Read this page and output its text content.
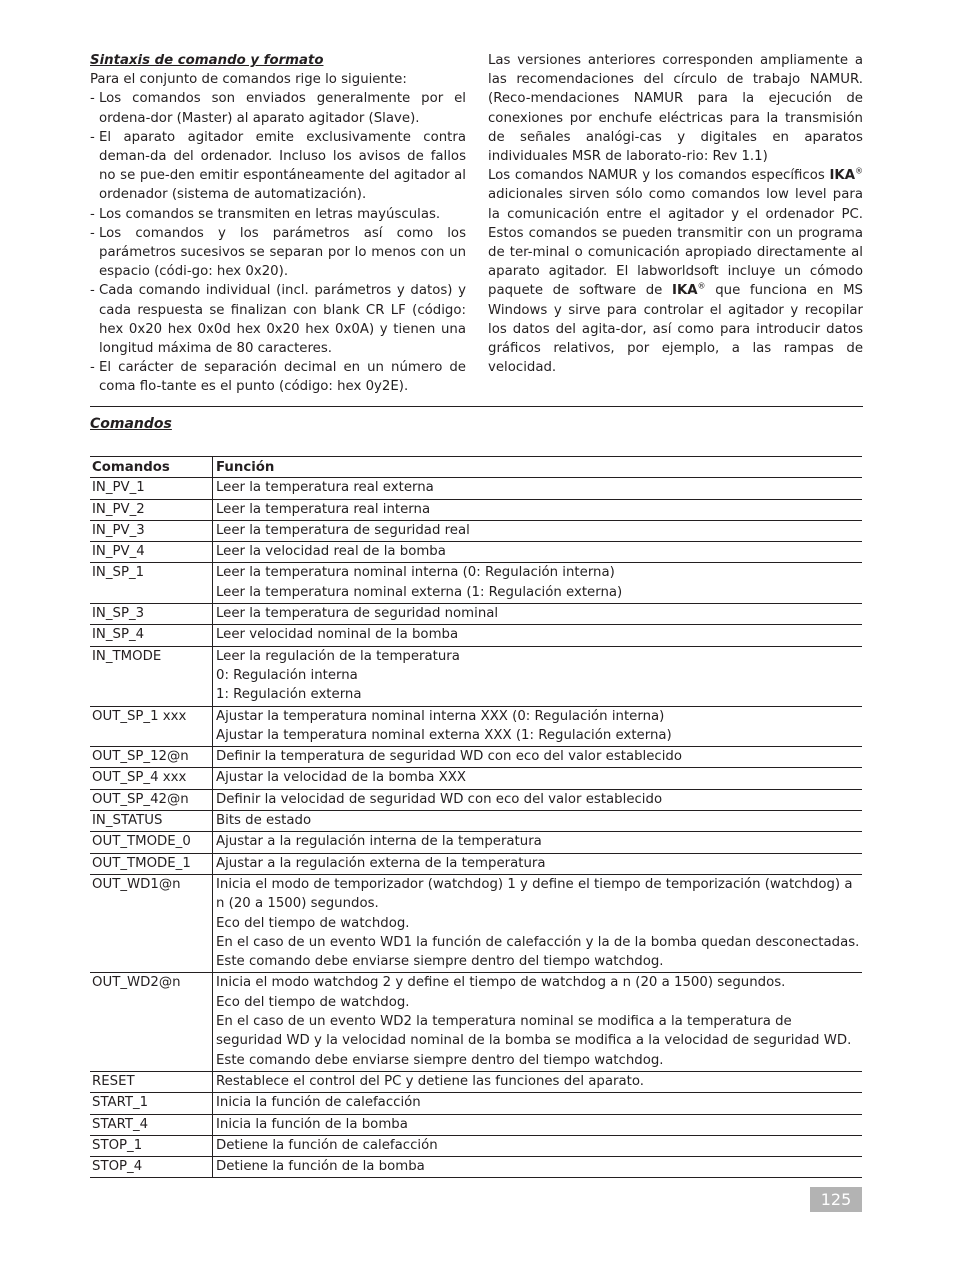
Sintaxis de comando y formato

Para el conjunto de comandos rige lo siguiente:

- Los comandos son enviados generalmente por el ordena-dor (Master) al aparato agitador (Slave).

- El aparato agitador emite exclusivamente contra deman-da del ordenador. Incluso los avisos de fallos no se pue-den emitir espontáneamente del agitador al ordenador (sistema de automatización).

- Los comandos se transmiten en letras mayúsculas.

- Los comandos y los parámetros así como los parámetros sucesivos se separan por lo menos con un espacio (códi-go: hex 0x20).

- Cada comando individual (incl. parámetros y datos) y cada respuesta se finalizan con blank CR LF (código: hex 0x20 hex 0x0d hex 0x20 hex 0x0A) y tienen una longitud máxima de 80 caracteres.

- El carácter de separación decimal en un número de coma flo-tante es el punto (código: hex 0y2E).

Las versiones anteriores corresponden ampliamente a las recomendaciones del círculo de trabajo NAMUR. (Reco-mendaciones NAMUR para la ejecución de conexiones por enchufe eléctricas para la transmisión de señales analógi-cas y digitales en aparatos individuales MSR de laborato-rio: Rev 1.1)

Los comandos NAMUR y los comandos específicos IKA® adicionales sirven sólo como comandos low level para la comunicación entre el agitador y el ordenador PC. Estos comandos se pueden transmitir con un programa de ter-minal o comunicación apropiado directamente al aparato agitador. El labworldsoft incluye un cómodo paquete de software de IKA® que funciona en MS Windows y sirve para controlar el agitador y recopilar los datos del agita-dor, así como para introducir datos gráficos relativos, por ejemplo, a las rampas de velocidad.

Comandos
Comandos	Función
IN_PV_1	Leer la temperatura real externa

IN_PV_2	Leer la temperatura real interna

IN_PV_3	Leer la temperatura de seguridad real

IN_PV_4	Leer la velocidad real de la bomba

IN_SP_1	Leer la temperatura nominal interna (0: Regulación interna)
Leer la temperatura nominal externa (1: Regulación externa)

IN_SP_3	Leer la temperatura de seguridad nominal

IN_SP_4	Leer velocidad nominal de la bomba

IN_TMODE	Leer la regulación de la temperatura
0: Regulación interna
1: Regulación externa

OUT_SP_1 xxx	Ajustar la temperatura nominal interna XXX (0: Regulación interna)
Ajustar la temperatura nominal externa XXX (1: Regulación externa)

OUT_SP_12@n	Definir la temperatura de seguridad WD con eco del valor establecido

OUT_SP_4 xxx	Ajustar la velocidad de la bomba XXX

OUT_SP_42@n	Definir la velocidad de seguridad WD con eco del valor establecido

IN_STATUS	Bits de estado

OUT_TMODE_0	Ajustar a la regulación interna de la temperatura

OUT_TMODE_1	Ajustar a la regulación externa de la temperatura

OUT_WD1@n	Inicia el modo de temporizador (watchdog) 1 y define el tiempo de temporización (watchdog) a n (20 a 1500) segundos.
Eco del tiempo de watchdog.
En el caso de un evento WD1 la función de calefacción y la de la bomba quedan desconectadas.
Este comando debe enviarse siempre dentro del tiempo watchdog.

OUT_WD2@n	Inicia el modo watchdog 2 y define el tiempo de watchdog a n (20 a 1500) segundos.
Eco del tiempo de watchdog.
En el caso de un evento WD2 la temperatura nominal se modifica a la temperatura de seguridad WD y la velocidad nominal de la bomba se modifica a la velocidad de seguridad WD.
Este comando debe enviarse siempre dentro del tiempo watchdog.

RESET	Restablece el control del PC y detiene las funciones del aparato.

START_1	Inicia la función de calefacción

START_4	Inicia la función de la bomba

STOP_1	Detiene la función de calefacción

STOP_4	Detiene la función de la bomba
125
